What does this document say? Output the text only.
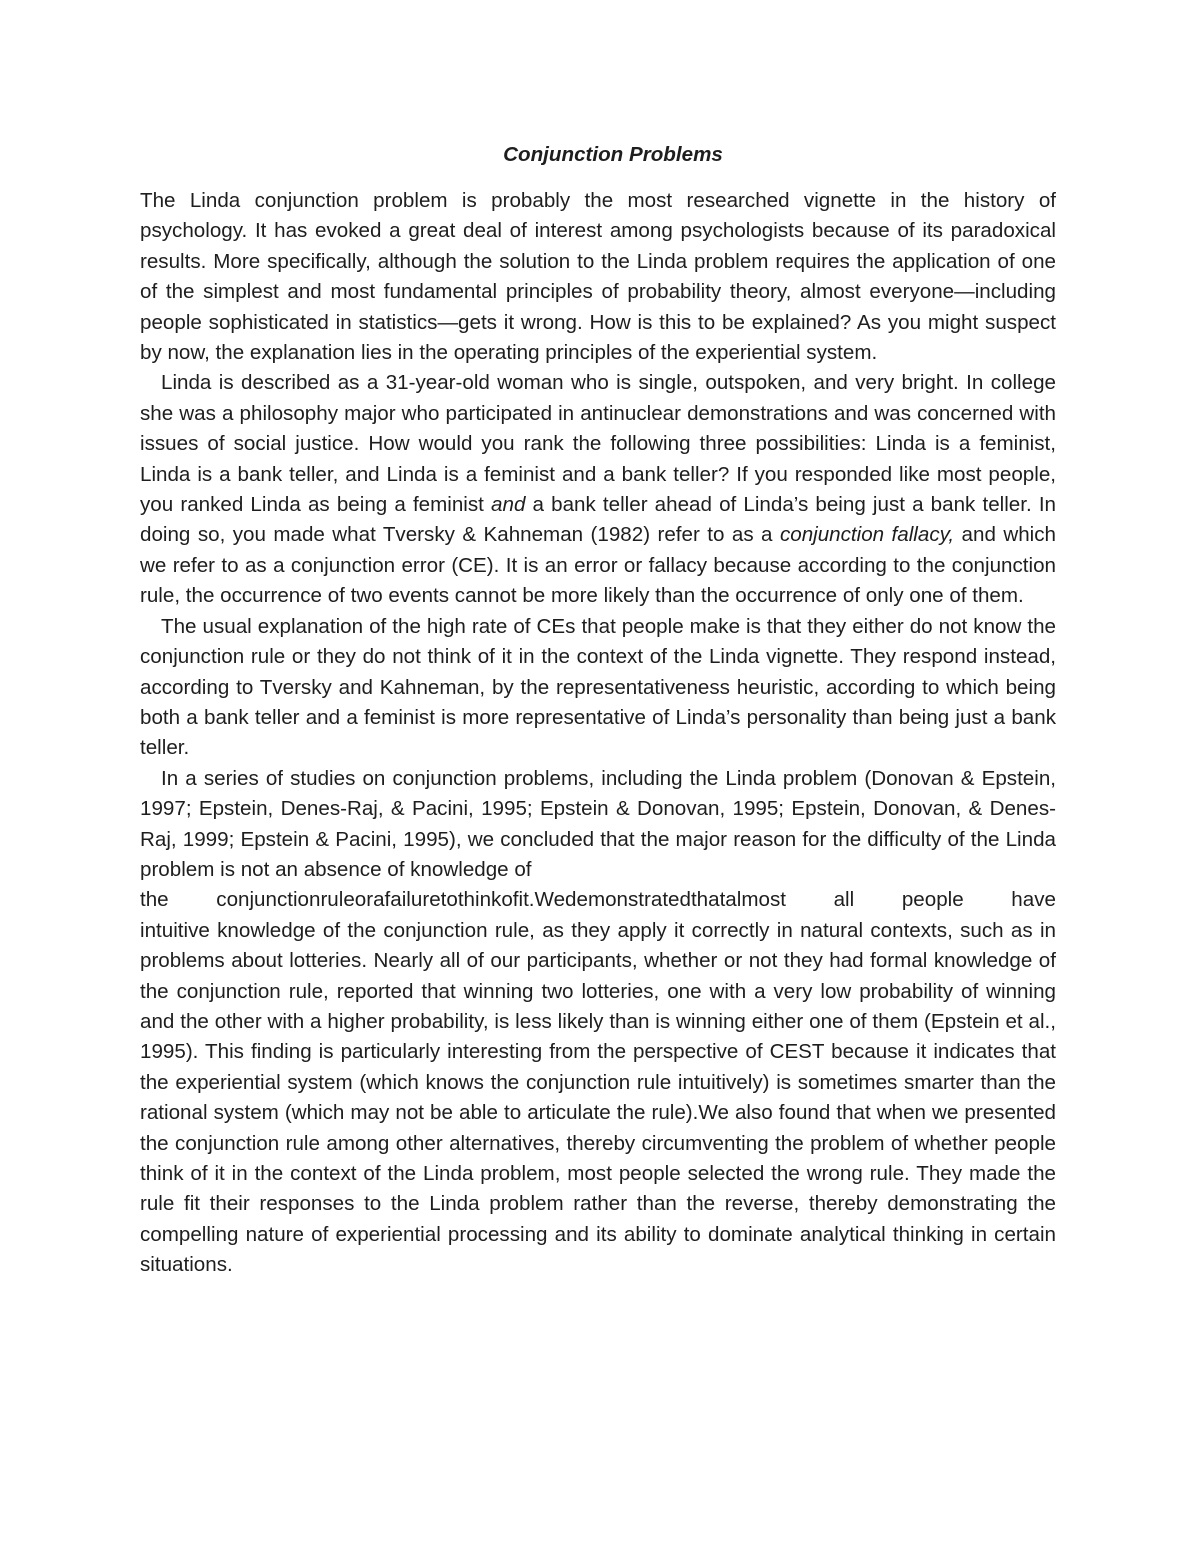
Conjunction Problems

The Linda conjunction problem is probably the most researched vignette in the history of psychology. It has evoked a great deal of interest among psychologists because of its paradoxical results. More specifically, although the solution to the Linda problem requires the application of one of the simplest and most fundamental principles of probability theory, almost everyone—including people sophisticated in statistics—gets it wrong. How is this to be explained? As you might suspect by now, the explanation lies in the operating principles of the experiential system.

Linda is described as a 31-year-old woman who is single, outspoken, and very bright. In college she was a philosophy major who participated in antinuclear demonstrations and was concerned with issues of social justice. How would you rank the following three possibilities: Linda is a feminist, Linda is a bank teller, and Linda is a feminist and a bank teller? If you responded like most people, you ranked Linda as being a feminist and a bank teller ahead of Linda’s being just a bank teller. In doing so, you made what Tversky & Kahneman (1982) refer to as a conjunction fallacy, and which we refer to as a conjunction error (CE). It is an error or fallacy because according to the conjunction rule, the occurrence of two events cannot be more likely than the occurrence of only one of them.

The usual explanation of the high rate of CEs that people make is that they either do not know the conjunction rule or they do not think of it in the context of the Linda vignette. They respond instead, according to Tversky and Kahneman, by the representativeness heuristic, according to which being both a bank teller and a feminist is more representative of Linda’s personality than being just a bank teller.

In a series of studies on conjunction problems, including the Linda problem (Donovan & Epstein, 1997; Epstein, Denes-Raj, & Pacini, 1995; Epstein & Donovan, 1995; Epstein, Donovan, & Denes-Raj, 1999; Epstein & Pacini, 1995), we concluded that the major reason for the difficulty of the Linda problem is not an absence of knowledge of

the conjunctionruleorafailuretothinkofit.Wedemonstratedthatalmost all people have

intuitive knowledge of the conjunction rule, as they apply it correctly in natural contexts, such as in problems about lotteries. Nearly all of our participants, whether or not they had formal knowledge of the conjunction rule, reported that winning two lotteries, one with a very low probability of winning and the other with a higher probability, is less likely than is winning either one of them (Epstein et al., 1995). This finding is particularly interesting from the perspective of CEST because it indicates that the experiential system (which knows the conjunction rule intuitively) is sometimes smarter than the rational system (which may not be able to articulate the rule).We also found that when we presented the conjunction rule among other alternatives, thereby circumventing the problem of whether people think of it in the context of the Linda problem, most people selected the wrong rule. They made the rule fit their responses to the Linda problem rather than the reverse, thereby demonstrating the compelling nature of experiential processing and its ability to dominate analytical thinking in certain situations.
